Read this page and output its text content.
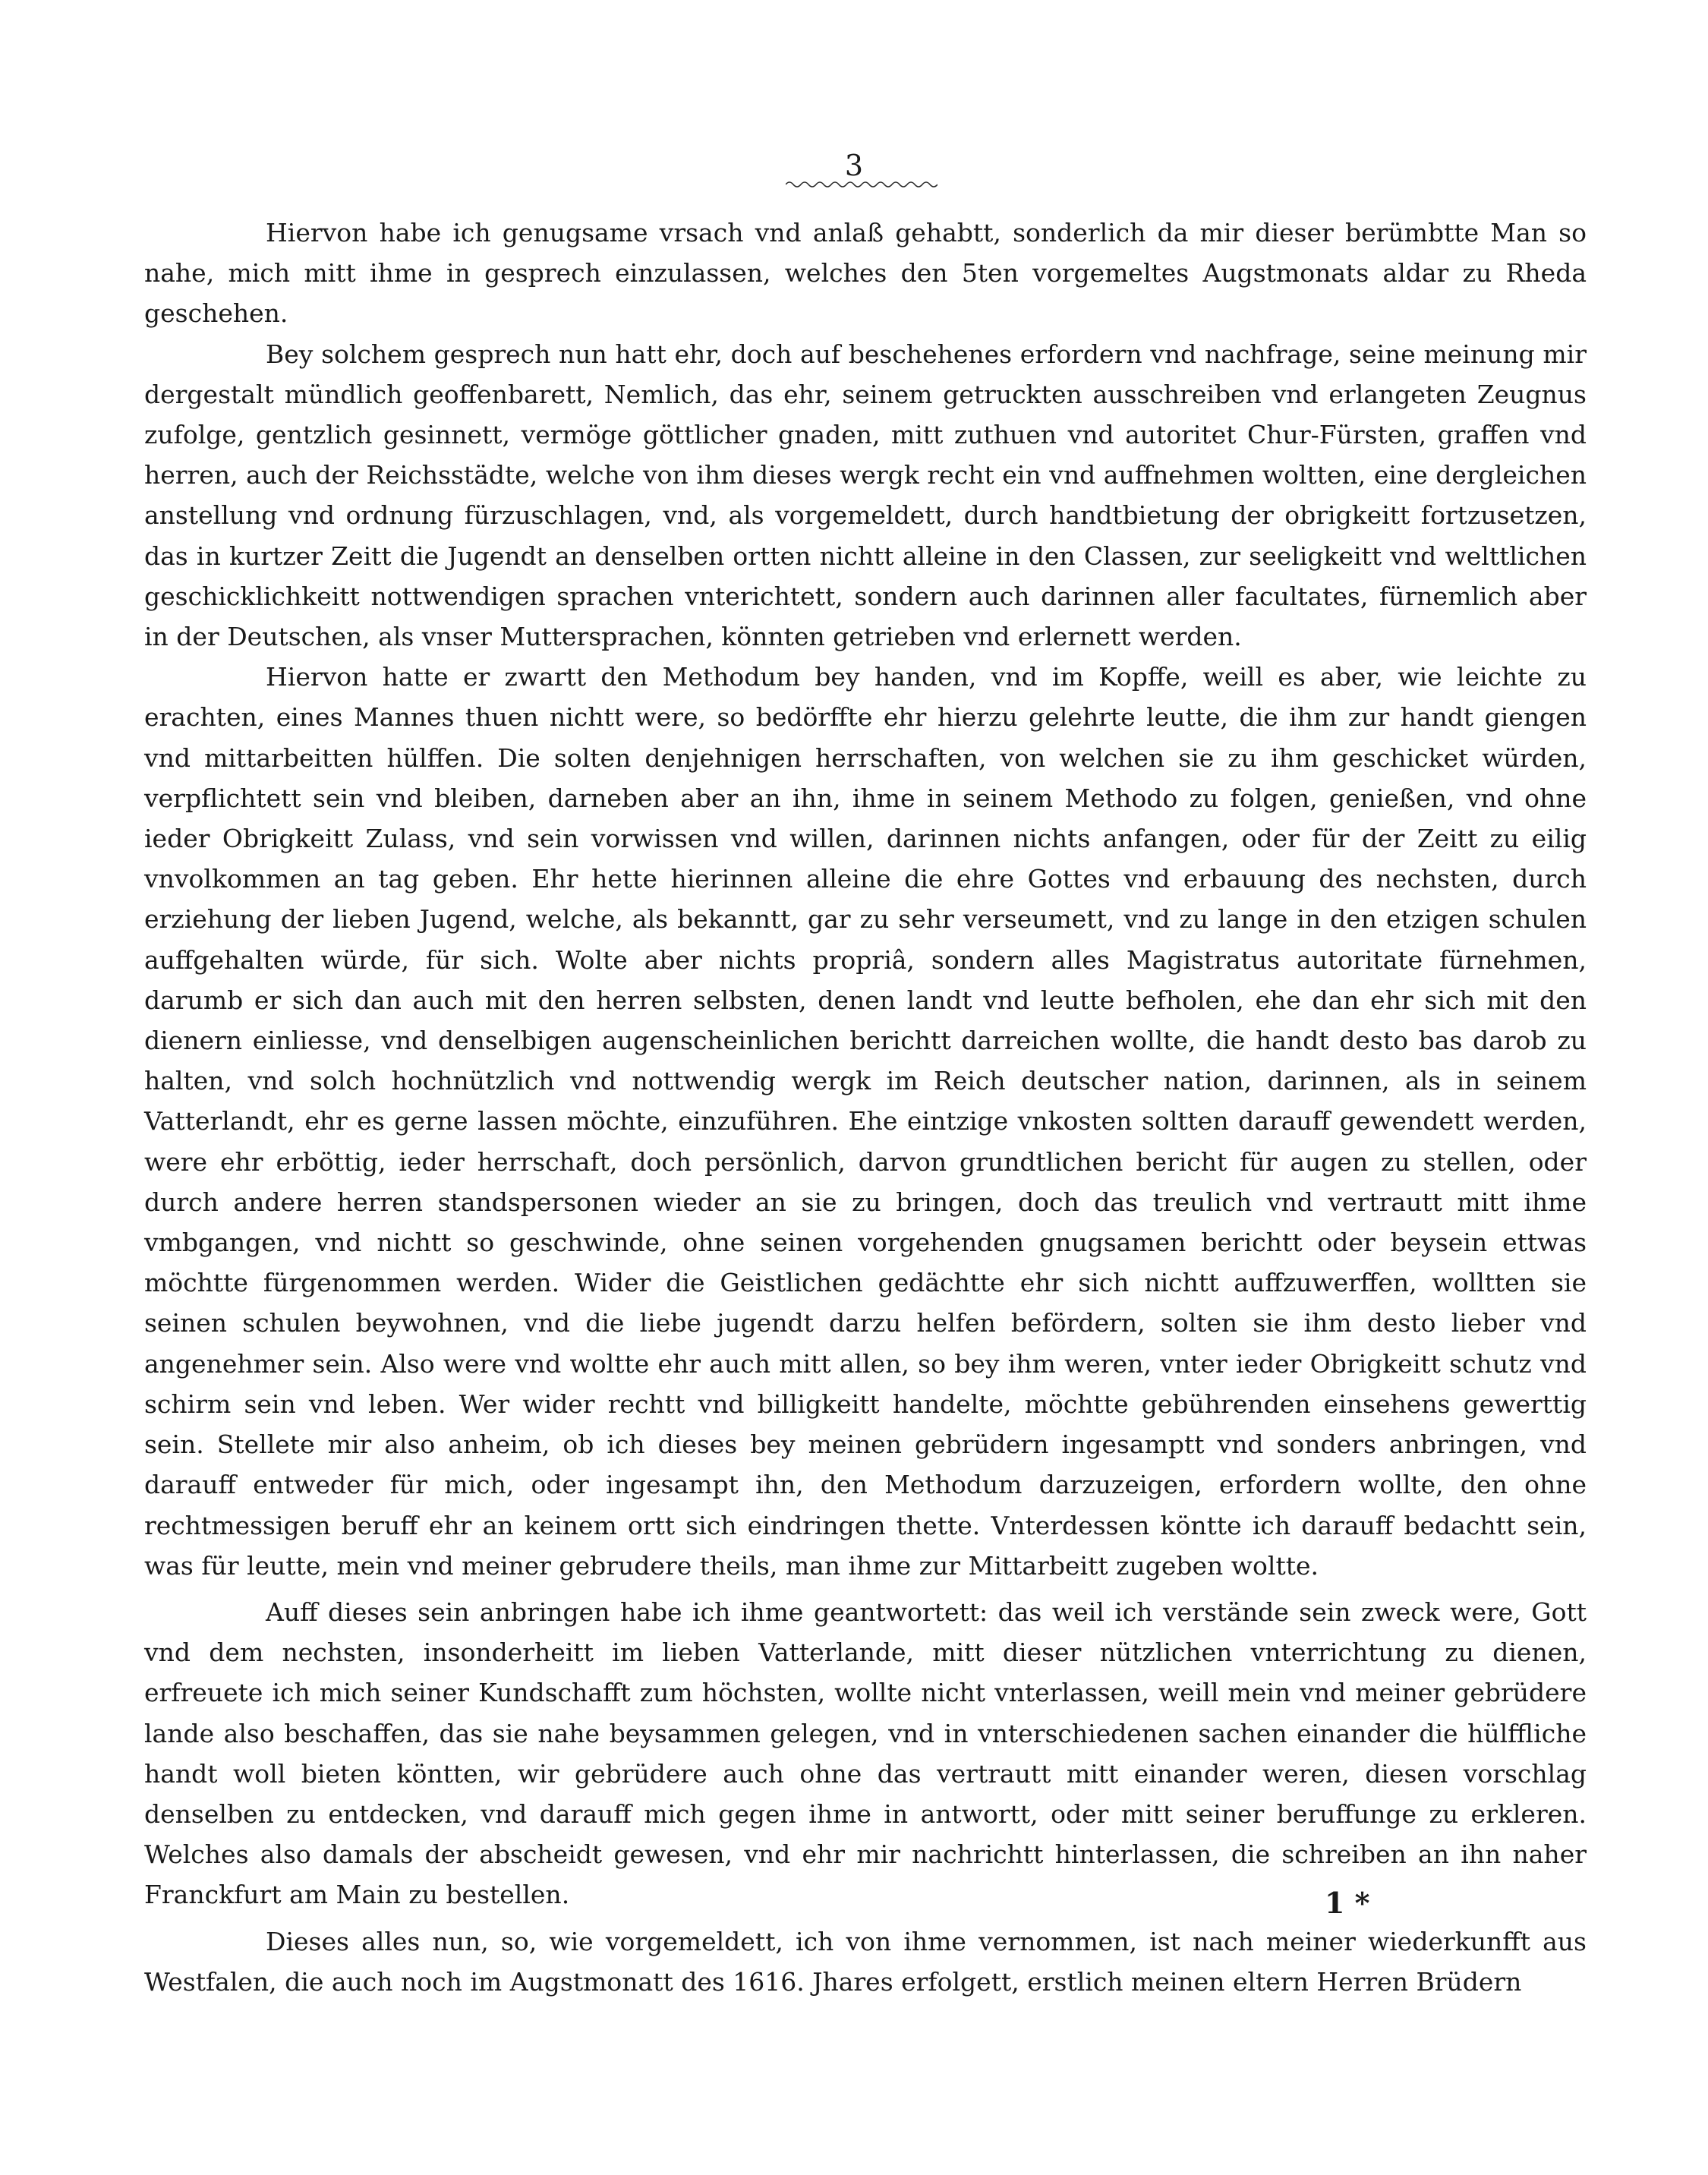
3

Hiervon habe ich genugsame vrsach vnd anlaß gehabtt, sonderlich da mir dieser berümbtte Man so nahe, mich mitt ihme in gespreсh einzulassen, welches den 5ten vorgemeltes Augstmonats aldar zu Rheda geschehen.

Bey solchem gespreсh nun hatt ehr, doch auf beschehenes erfordern vnd nachfrage, seine meinung mir dergestalt mündlich geoffenbarett, Nemlich, das ehr, seinem getruckten ausschreiben vnd erlangeten Zeugnus zufolge, gentzlich gesinnett, vermöge göttlicher gnaden, mitt zuthuen vnd autoritet Chur-Fürsten, graffen vnd herren, auch der Reichsstädte, welche von ihm dieses wergk recht ein vnd auffnehmen woltten, eine dergleichen anstellung vnd ordnung fürzuschlagen, vnd, als vorgemeldett, durch handtbietung der obrigkeitt fortzusetzen, das in kurtzer Zeitt die Jugendt an denselben ortten nichtt alleine in den Classen, zur seeligkeitt vnd welttlichen geschicklichkeitt nottwendigen sprachen vnterichtett, sondern auch darinnen aller facultates, fürnemlich aber in der Deutschen, als vnser Muttersprachen, könnten getrieben vnd erlernett werden.

Hiervon hatte er zwartt den Methodum bey handen, vnd im Kopffe, weill es aber, wie leichte zu erachten, eines Mannes thuen nichtt were, so bedörffte ehr hierzu gelehrte leutte, die ihm zur handt giengen vnd mittarbeitten hülffen. Die solten denjehnigen herrschaften, von welchen sie zu ihm geschicket würden, verpflichtett sein vnd bleiben, darneben aber an ihn, ihme in seinem Methodo zu folgen, genießen, vnd ohne ieder Obrigkeitt Zulass, vnd sein vorwissen vnd willen, darinnen nichts anfangen, oder für der Zeitt zu eilig vnvolkommen an tag geben. Ehr hette hierinnen alleine die ehre Gottes vnd erbauung des nechsten, durch erziehung der lieben Jugend, welche, als bekanntt, gar zu sehr verseumett, vnd zu lange in den etzigen schulen auffgehalten würde, für sich. Wolte aber nichts propriâ, sondern alles Magistratus autoritate fürnehmen, darumb er sich dan auch mit den herren selbsten, denen landt vnd leutte befholen, ehe dan ehr sich mit den dienern einliesse, vnd denselbigen augenscheinlichen berichtt darreichen wollte, die handt desto bas darob zu halten, vnd solch hochnützlich vnd nottwendig wergk im Reich deutscher nation, darinnen, als in seinem Vatterlandt, ehr es gerne lassen möchte, einzuführen. Ehe eintzige vnkosten soltten darauff gewendett werden, were ehr erböttig, ieder herrschaft, doch persönlich, darvon grundtlichen bericht für augen zu stellen, oder durch andere herren standspersonen wieder an sie zu bringen, doch das treulich vnd vertrautt mitt ihme vmbgangen, vnd nichtt so geschwinde, ohne seinen vorgehenden gnugsamen berichtt oder beysein ettwas möchtte fürgenommen werden. Wider die Geistlichen gedächtte ehr sich nichtt auffzuwerffen, wolltten sie seinen schulen beywohnen, vnd die liebe jugendt darzu helfen befördern, solten sie ihm desto lieber vnd angenehmer sein. Also were vnd woltte ehr auch mitt allen, so bey ihm weren, vnter ieder Obrigkeitt schutz vnd schirm sein vnd leben. Wer wider rechtt vnd billigkeitt handelte, möchtte gebührenden einsehens gewerttig sein. Stellete mir also anheim, ob ich dieses bey meinen gebrüdern ingesamptt vnd sonders anbringen, vnd darauff entweder für mich, oder ingesampt ihn, den Methodum darzuzeigen, erfordern wollte, den ohne rechtmessigen beruff ehr an keinem ortt sich eindringen thette. Vnterdessen köntte ich darauff bedachtt sein, was für leutte, mein vnd meiner gebrudere theils, man ihme zur Mittarbeitt zugeben woltte.

Auff dieses sein anbringen habe ich ihme geantwortett: das weil ich verstände sein zweck were, Gott vnd dem nechsten, insonderheitt im lieben Vatterlande, mitt dieser nützlichen vnterrichtung zu dienen, erfreuete ich mich seiner Kundschafft zum höchsten, wollte nicht vnterlassen, weill mein vnd meiner gebrüdere lande also beschaffen, das sie nahe beysammen gelegen, vnd in vnterschiedenen sachen einander die hülffliche handt woll bieten köntten, wir gebrüdere auch ohne das vertrautt mitt einander weren, diesen vorschlag denselben zu entdecken, vnd darauff mich gegen ihme in antwortt, oder mitt seiner beruffunge zu erkleren. Welches also damals der abscheidt gewesen, vnd ehr mir nachrichtt hinterlassen, die schreiben an ihn naher Franckfurt am Main zu bestellen.

Dieses alles nun, so, wie vorgemeldett, ich von ihme vernommen, ist nach meiner wiederkunfft aus Westfalen, die auch noch im Augstmonatt des 1616. Jhares erfolgett, erstlich meinen eltern Herren Brüdern

1 *
